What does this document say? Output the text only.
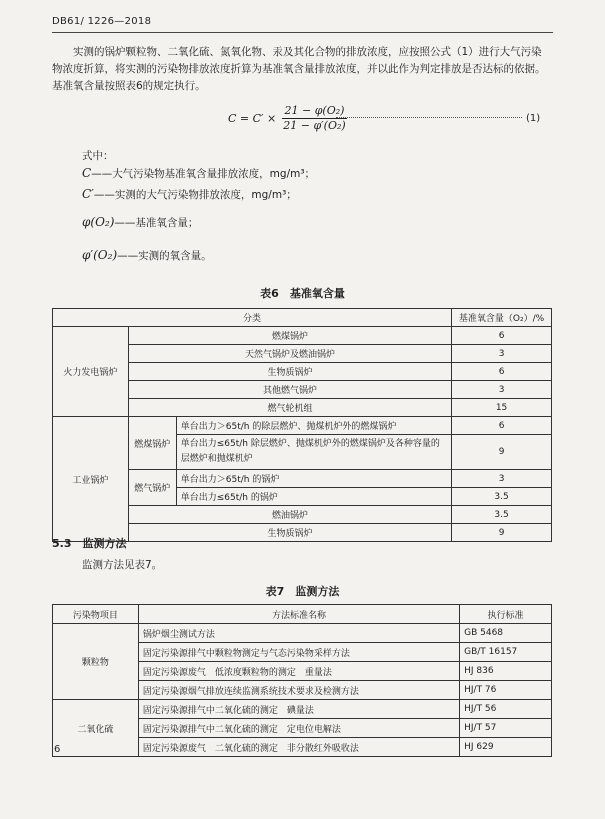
DB61/ 1226—2018
实测的锅炉颗粒物、二氧化硫、氮氧化物、汞及其化合物的排放浓度，应按照公式（1）进行大气污染物浓度折算，将实测的污染物排放浓度折算为基准氧含量排放浓度，并以此作为判定排放是否达标的依据。基准氧含量按照表6的规定执行。
$C = C' \times \frac{\text{21 − φ(O₂)}}{\text{21 − φ′(O₂)}}$	(1)
式中：
C——大气污染物基准氧含量排放浓度，mg/m³；
C′——实测的大气污染物排放浓度，mg/m³；
φ(O₂)——基准氧含量；
φ′(O₂)——实测的氧含量。
表6　基准氧含量
分类			基准氧含量（O₂）/%
火力发电锅炉	燃煤锅炉		6
	天然气锅炉及燃油锅炉		3
	生物质锅炉		6
	其他燃气锅炉		3
	燃气轮机组		15
工业锅炉	燃煤锅炉	单台出力＞65t/h 的除层燃炉、抛煤机炉外的燃煤锅炉	6
		单台出力≤65t/h 除层燃炉、抛煤机炉外的燃煤锅炉及各种容量的层燃炉和抛煤机炉	9
	燃气锅炉	单台出力＞65t/h 的锅炉	3
		单台出力≤65t/h 的锅炉	3.5
	燃油锅炉		3.5
	生物质锅炉		9
5.3　监测方法
监测方法见表7。
表7　监测方法
污染物项目	方法标准名称	执行标准
颗粒物	锅炉烟尘测试方法	GB 5468
	固定污染源排气中颗粒物测定与气态污染物采样方法	GB/T 16157
	固定污染源废气　低浓度颗粒物的测定　重量法	HJ 836
	固定污染源烟气排放连续监测系统技术要求及检测方法	HJ/T 76
二氧化硫	固定污染源排气中二氧化硫的测定　碘量法	HJ/T 56
	固定污染源排气中二氧化硫的测定　定电位电解法	HJ/T 57
	固定污染源废气　二氧化硫的测定　非分散红外吸收法	HJ 629
6
